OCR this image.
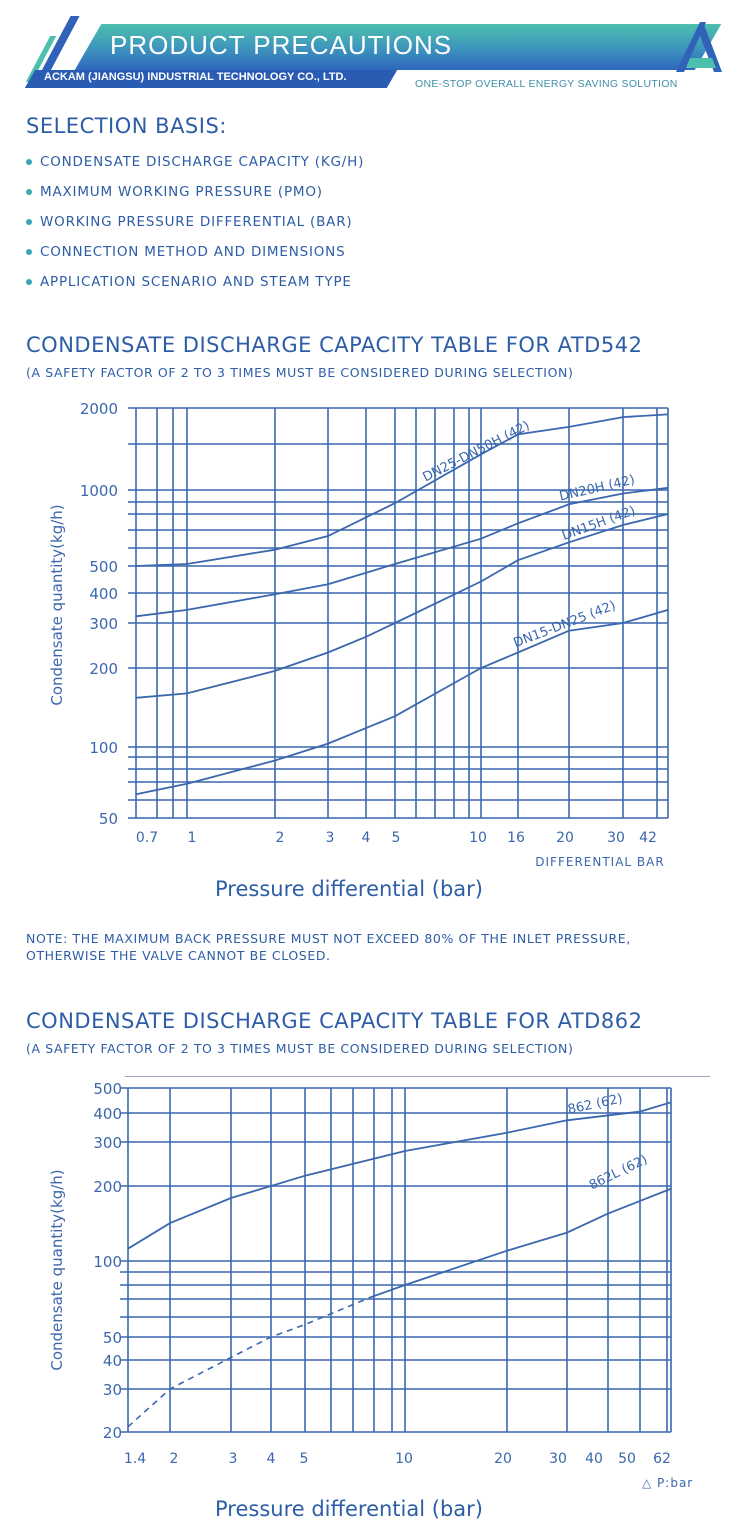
PRODUCT PRECAUTIONS
ACKAM (JIANGSU) INDUSTRIAL TECHNOLOGY CO., LTD.
ONE-STOP OVERALL ENERGY SAVING SOLUTION
SELECTION BASIS:
CONDENSATE DISCHARGE CAPACITY (KG/H)
MAXIMUM WORKING PRESSURE (PMO)
WORKING PRESSURE DIFFERENTIAL (BAR)
CONNECTION METHOD AND DIMENSIONS
APPLICATION SCENARIO AND STEAM TYPE
CONDENSATE DISCHARGE CAPACITY TABLE FOR ATD542
(A SAFETY FACTOR OF 2 TO 3 TIMES MUST BE CONSIDERED DURING SELECTION)
Pressure differential (bar)
NOTE: THE MAXIMUM BACK PRESSURE MUST NOT EXCEED 80% OF THE INLET PRESSURE, OTHERWISE THE VALVE CANNOT BE CLOSED.
CONDENSATE DISCHARGE CAPACITY TABLE FOR ATD862
(A SAFETY FACTOR OF 2 TO 3 TIMES MUST BE CONSIDERED DURING SELECTION)
Pressure differential (bar)
0.7 1	2	3 4 5	10 16 20 30 42
2000
1000
500
400
300
200
100
50
DIFFERENTIAL BAR
Condensate quantity(kg/h)
DN25-DN50H (42)
DN20H (42)
DN15H (42)
DN15-DN25 (42)
1.4 2	3 4 5	10	20	30 40 50 62
500
400
300
200
100
50
40
30
20
△ P:bar
Condensate quantity(kg/h)
862 (62)
862L (62)
